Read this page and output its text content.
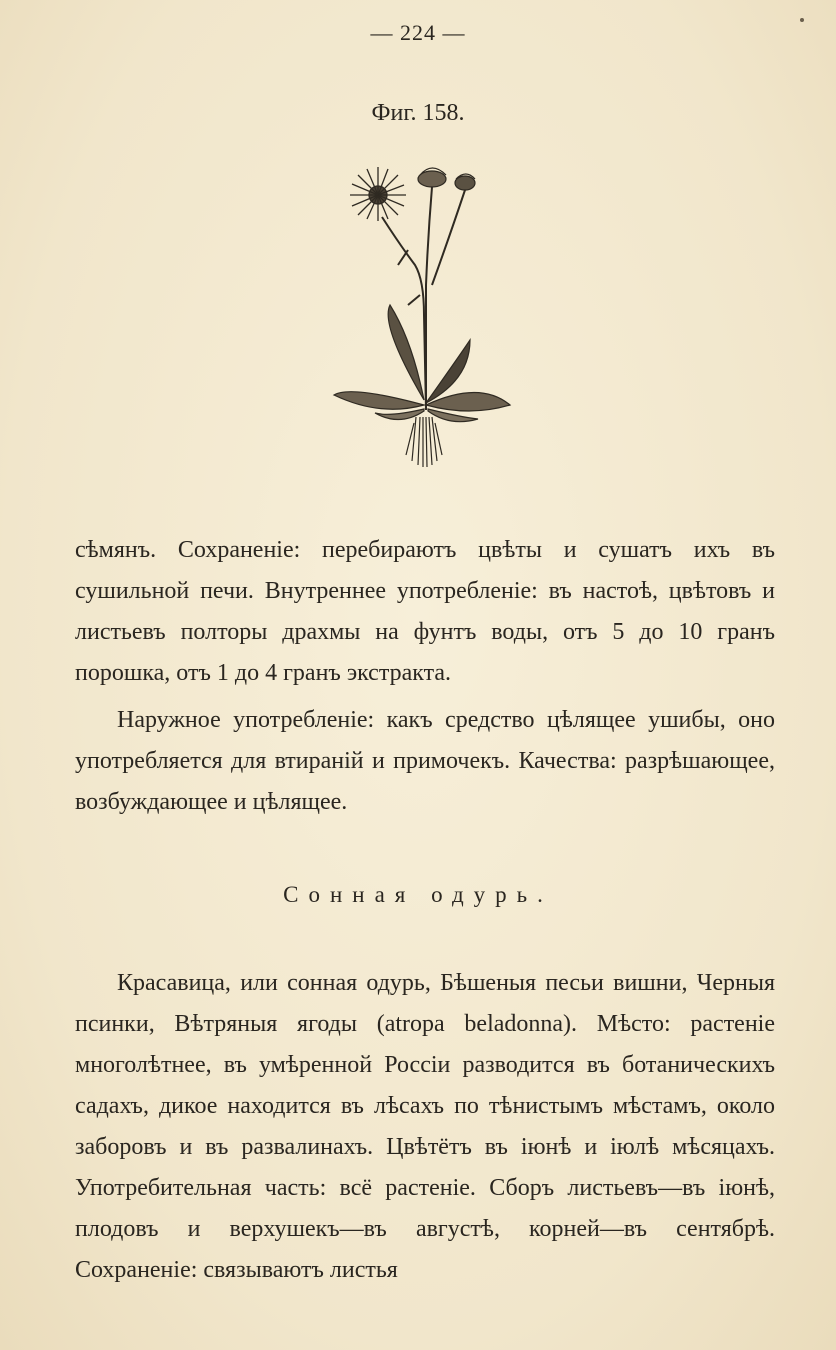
— 224 —
Фиг. 158.

сѣмянъ. Сохраненіе: перебираютъ цвѣты и сушатъ ихъ въ сушильной печи. Внутреннее употребленіе: въ настоѣ, цвѣтовъ и листьевъ полторы драхмы на фунтъ воды, отъ 5 до 10 гранъ порошка, отъ 1 до 4 гранъ экстракта.

Наружное употребленіе: какъ средство цѣлящее ушибы, оно употребляется для втираній и примочекъ. Качества: разрѣшающее, возбуждающее и цѣлящее.

Сонная одурь.

Красавица, или сонная одурь, Бѣшеныя песьи вишни, Черныя псинки, Вѣтряныя ягоды (atropa beladonna). Мѣсто: растеніе многолѣтнее, въ умѣренной Россіи разводится въ ботаническихъ садахъ, дикое находится въ лѣсахъ по тѣнистымъ мѣстамъ, около заборовъ и въ развалинахъ. Цвѣтётъ въ іюнѣ и іюлѣ мѣсяцахъ. Употребительная часть: всё растеніе. Сборъ листьевъ—въ іюнѣ, плодовъ и верхушекъ—въ августѣ, корней—въ сентябрѣ. Сохраненіе: связываютъ листья
